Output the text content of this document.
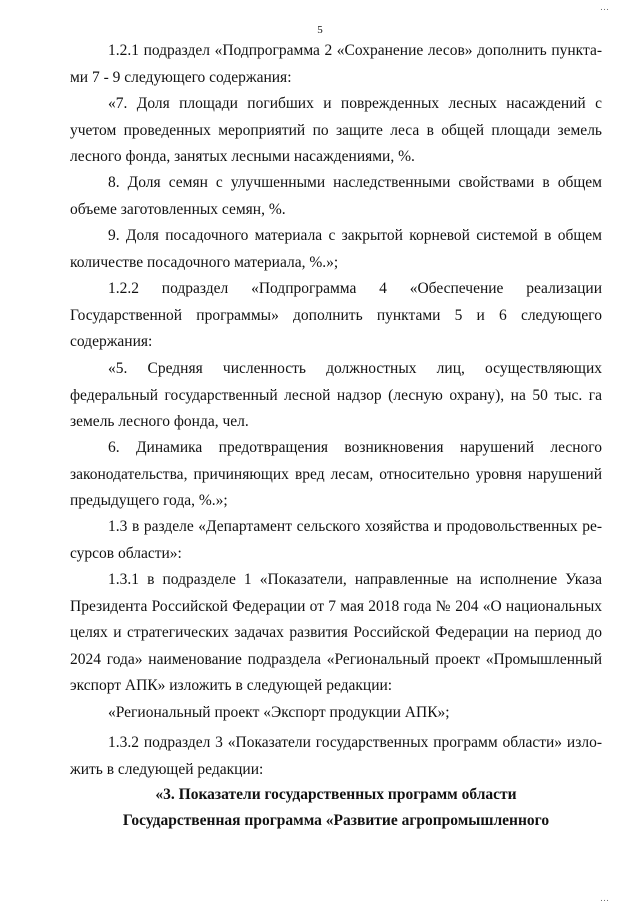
5

1.2.1 подраздел «Подпрограмма 2 «Сохранение лесов» дополнить пунктами 7 - 9 следующего содержания:

«7. Доля площади погибших и поврежденных лесных насаждений с учетом проведенных мероприятий по защите леса в общей площади земель лесного фонда, занятых лесными насаждениями, %.

8. Доля семян с улучшенными наследственными свойствами в общем объеме заготовленных семян, %.

9. Доля посадочного материала с закрытой корневой системой в общем количестве посадочного материала, %.»;

1.2.2 подраздел «Подпрограмма 4 «Обеспечение реализации Государственной программы» дополнить пунктами 5 и 6 следующего содержания:

«5. Средняя численность должностных лиц, осуществляющих федеральный государственный лесной надзор (лесную охрану), на 50 тыс. га земель лесного фонда, чел.

6. Динамика предотвращения возникновения нарушений лесного законодательства, причиняющих вред лесам, относительно уровня нарушений предыдущего года, %.»;

1.3 в разделе «Департамент сельского хозяйства и продовольственных ресурсов области»:

1.3.1 в подразделе 1 «Показатели, направленные на исполнение Указа Президента Российской Федерации от 7 мая 2018 года № 204 «О национальных целях и стратегических задачах развития Российской Федерации на период до 2024 года» наименование подраздела «Региональный проект «Промышленный экспорт АПК» изложить в следующей редакции:

«Региональный проект «Экспорт продукции АПК»;

1.3.2 подраздел 3 «Показатели государственных программ области» изложить в следующей редакции:

«3. Показатели государственных программ области

Государственная программа «Развитие агропромышленного

…
…
